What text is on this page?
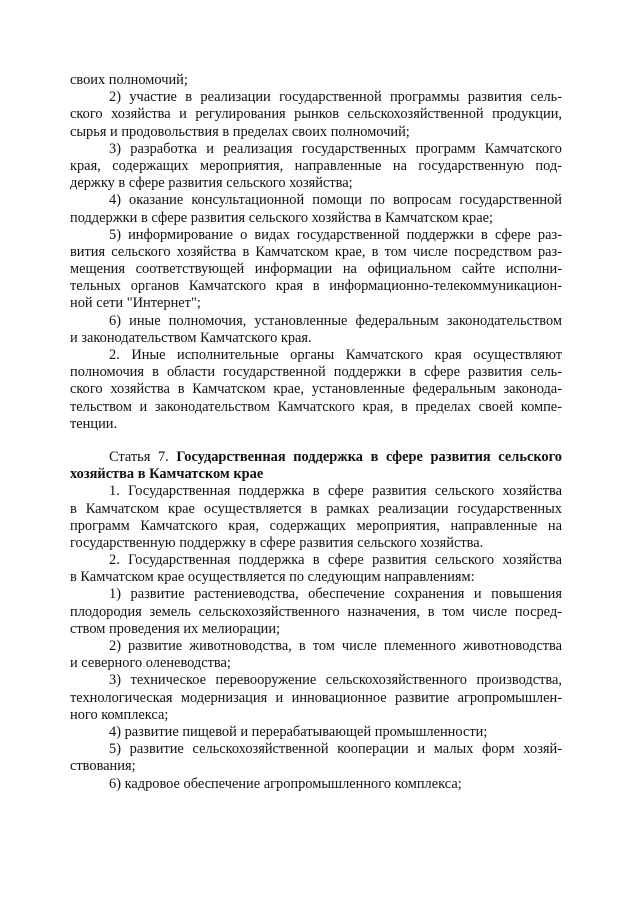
своих полномочий;
2) участие в реализации государственной программы развития сель-
ского хозяйства и регулирования рынков сельскохозяйственной продукции,
сырья и продовольствия в пределах своих полномочий;
3) разработка и реализация государственных программ Камчатского
края, содержащих мероприятия, направленные на государственную под-
держку в сфере развития сельского хозяйства;
4) оказание консультационной помощи по вопросам государственной
поддержки в сфере развития сельского хозяйства в Камчатском крае;
5) информирование о видах государственной поддержки в сфере раз-
вития сельского хозяйства в Камчатском крае, в том числе посредством раз-
мещения соответствующей информации на официальном сайте исполни-
тельных органов Камчатского края в информационно-телекоммуникацион-
ной сети "Интернет";
6) иные полномочия, установленные федеральным законодательством
и законодательством Камчатского края.
2. Иные исполнительные органы Камчатского края осуществляют
полномочия в области государственной поддержки в сфере развития сель-
ского хозяйства в Камчатском крае, установленные федеральным законода-
тельством и законодательством Камчатского края, в пределах своей компе-
тенции.
Статья 7. Государственная поддержка в сфере развития сельского
хозяйства в Камчатском крае
1. Государственная поддержка в сфере развития сельского хозяйства
в Камчатском крае осуществляется в рамках реализации государственных
программ Камчатского края, содержащих мероприятия, направленные на
государственную поддержку в сфере развития сельского хозяйства.
2. Государственная поддержка в сфере развития сельского хозяйства
в Камчатском крае осуществляется по следующим направлениям:
1) развитие растениеводства, обеспечение сохранения и повышения
плодородия земель сельскохозяйственного назначения, в том числе посред-
ством проведения их мелиорации;
2) развитие животноводства, в том числе племенного животноводства
и северного оленеводства;
3) техническое перевооружение сельскохозяйственного производства,
технологическая модернизация и инновационное развитие агропромышлен-
ного комплекса;
4) развитие пищевой и перерабатывающей промышленности;
5) развитие сельскохозяйственной кооперации и малых форм хозяй-
ствования;
6) кадровое обеспечение агропромышленного комплекса;
